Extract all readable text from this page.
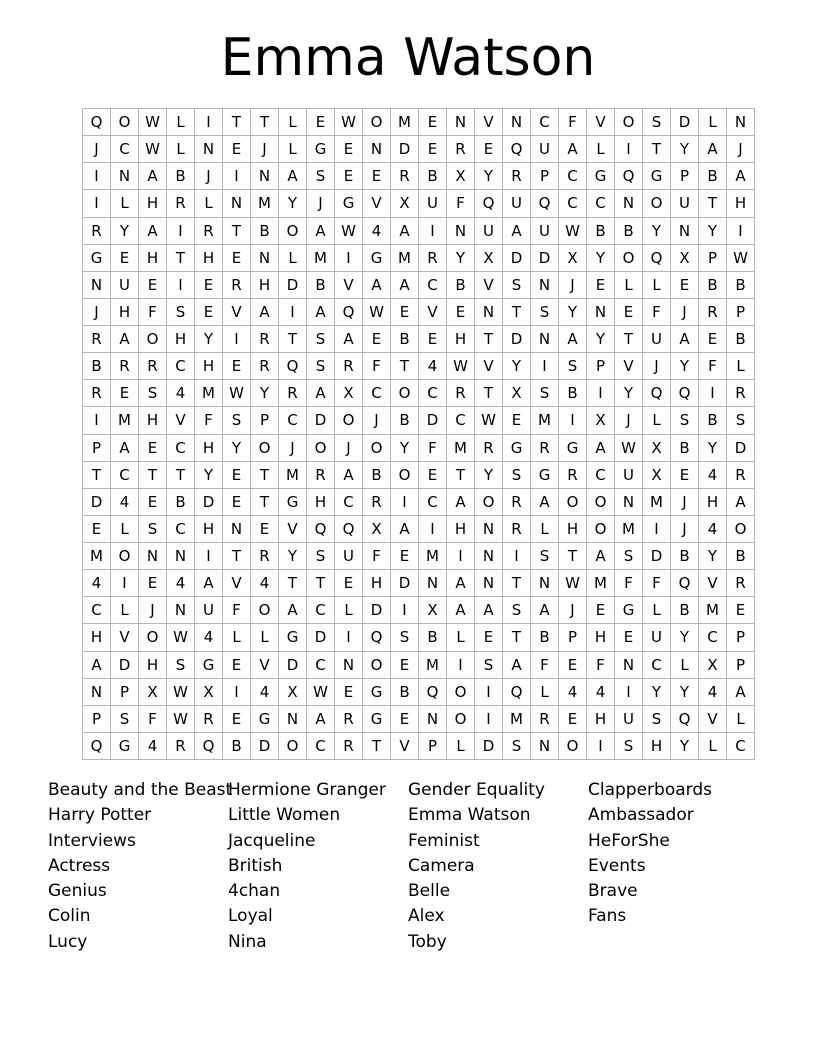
Emma Watson
Q	O	W	L	I	T	T	L	E	W	O	M	E	N	V	N	C	F	V	O	S	D	L	N
J	C	W	L	N	E	J	L	G	E	N	D	E	R	E	Q	U	A	L	I	T	Y	A	J
I	N	A	B	J	I	N	A	S	E	E	R	B	X	Y	R	P	C	G	Q	G	P	B	A
I	L	H	R	L	N	M	Y	J	G	V	X	U	F	Q	U	Q	C	C	N	O	U	T	H
R	Y	A	I	R	T	B	O	A	W	4	A	I	N	U	A	U	W	B	B	Y	N	Y	I
G	E	H	T	H	E	N	L	M	I	G	M	R	Y	X	D	D	X	Y	O	Q	X	P	W
N	U	E	I	E	R	H	D	B	V	A	A	C	B	V	S	N	J	E	L	L	E	B	B
J	H	F	S	E	V	A	I	A	Q	W	E	V	E	N	T	S	Y	N	E	F	J	R	P
R	A	O	H	Y	I	R	T	S	A	E	B	E	H	T	D	N	A	Y	T	U	A	E	B
B	R	R	C	H	E	R	Q	S	R	F	T	4	W	V	Y	I	S	P	V	J	Y	F	L
R	E	S	4	M	W	Y	R	A	X	C	O	C	R	T	X	S	B	I	Y	Q	Q	I	R
I	M	H	V	F	S	P	C	D	O	J	B	D	C	W	E	M	I	X	J	L	S	B	S
P	A	E	C	H	Y	O	J	O	J	O	Y	F	M	R	G	R	G	A	W	X	B	Y	D
T	C	T	T	Y	E	T	M	R	A	B	O	E	T	Y	S	G	R	C	U	X	E	4	R
D	4	E	B	D	E	T	G	H	C	R	I	C	A	O	R	A	O	O	N	M	J	H	A
E	L	S	C	H	N	E	V	Q	Q	X	A	I	H	N	R	L	H	O	M	I	J	4	O
M	O	N	N	I	T	R	Y	S	U	F	E	M	I	N	I	S	T	A	S	D	B	Y	B
4	I	E	4	A	V	4	T	T	E	H	D	N	A	N	T	N	W	M	F	F	Q	V	R
C	L	J	N	U	F	O	A	C	L	D	I	X	A	A	S	A	J	E	G	L	B	M	E
H	V	O	W	4	L	L	G	D	I	Q	S	B	L	E	T	B	P	H	E	U	Y	C	P
A	D	H	S	G	E	V	D	C	N	O	E	M	I	S	A	F	E	F	N	C	L	X	P
N	P	X	W	X	I	4	X	W	E	G	B	Q	O	I	Q	L	4	4	I	Y	Y	4	A
P	S	F	W	R	E	G	N	A	R	G	E	N	O	I	M	R	E	H	U	S	Q	V	L
Q	G	4	R	Q	B	D	O	C	R	T	V	P	L	D	S	N	O	I	S	H	Y	L	C
Beauty and the Beast
Harry Potter
Interviews
Actress
Genius
Colin
Lucy
Hermione Granger
Little Women
Jacqueline
British
4chan
Loyal
Nina
Gender Equality
Emma Watson
Feminist
Camera
Belle
Alex
Toby
Clapperboards
Ambassador
HeForShe
Events
Brave
Fans
